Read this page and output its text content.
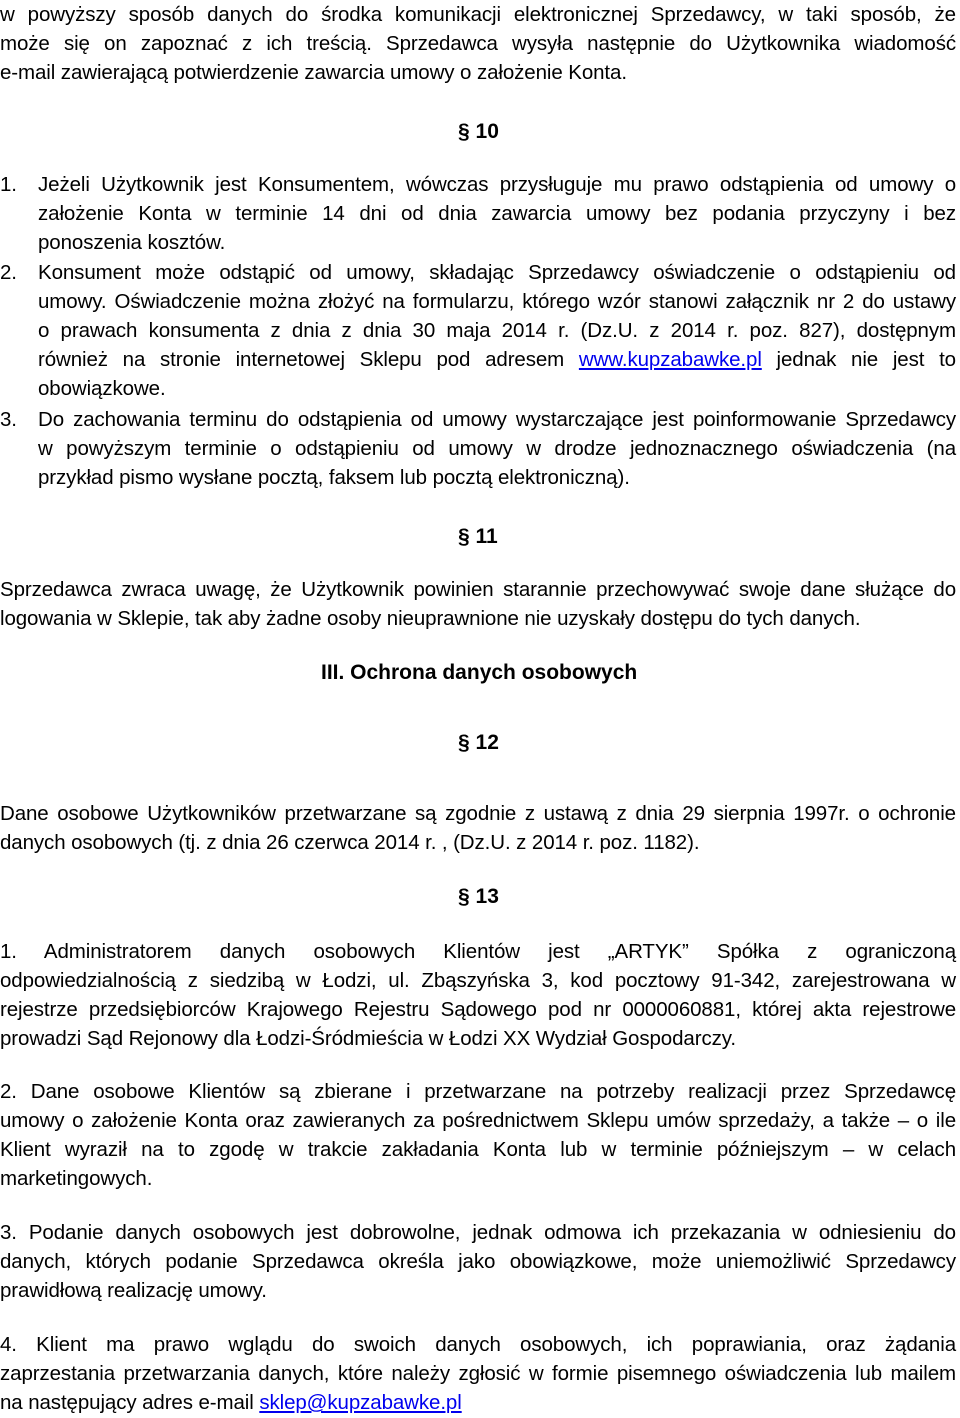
w powyższy sposób danych do środka komunikacji elektronicznej Sprzedawcy, w taki sposób, że
może się on zapoznać z ich treścią. Sprzedawca wysyła następnie do Użytkownika wiadomość
e-mail zawierającą potwierdzenie zawarcia umowy o założenie Konta.
§ 10
1. Jeżeli Użytkownik jest Konsumentem, wówczas przysługuje mu prawo odstąpienia od umowy o
założenie Konta w terminie 14 dni od dnia zawarcia umowy bez podania przyczyny i bez
ponoszenia kosztów.
2. Konsument może odstąpić od umowy, składając Sprzedawcy oświadczenie o odstąpieniu od
umowy. Oświadczenie można złożyć na formularzu, którego wzór stanowi załącznik nr 2 do ustawy
o prawach konsumenta z dnia z dnia 30 maja 2014 r. (Dz.U. z 2014 r. poz. 827), dostępnym
również na stronie internetowej Sklepu pod adresem www.kupzabawke.pl jednak nie jest to
obowiązkowe.
3. Do zachowania terminu do odstąpienia od umowy wystarczające jest poinformowanie Sprzedawcy
w powyższym terminie o odstąpieniu od umowy w drodze jednoznacznego oświadczenia (na
przykład pismo wysłane pocztą, faksem lub pocztą elektroniczną).
§ 11
Sprzedawca zwraca uwagę, że Użytkownik powinien starannie przechowywać swoje dane służące do
logowania w Sklepie, tak aby żadne osoby nieuprawnione nie uzyskały dostępu do tych danych.
III. Ochrona danych osobowych
§ 12
Dane osobowe Użytkowników przetwarzane są zgodnie z ustawą z dnia 29 sierpnia 1997r. o ochronie
danych osobowych (tj. z dnia 26 czerwca 2014 r. , (Dz.U. z 2014 r. poz. 1182).
§ 13
1. Administratorem danych osobowych Klientów jest „ARTYK” Spółka z ograniczoną
odpowiedzialnością z siedzibą w Łodzi, ul. Zbąszyńska 3, kod pocztowy 91-342, zarejestrowana w
rejestrze przedsiębiorców Krajowego Rejestru Sądowego pod nr 0000060881, której akta rejestrowe
prowadzi Sąd Rejonowy dla Łodzi-Śródmieścia w Łodzi XX Wydział Gospodarczy.
2. Dane osobowe Klientów są zbierane i przetwarzane na potrzeby realizacji przez Sprzedawcę
umowy o założenie Konta oraz zawieranych za pośrednictwem Sklepu umów sprzedaży, a także – o ile
Klient wyraził na to zgodę w trakcie zakładania Konta lub w terminie późniejszym – w celach
marketingowych.
3. Podanie danych osobowych jest dobrowolne, jednak odmowa ich przekazania w odniesieniu do
danych, których podanie Sprzedawca określa jako obowiązkowe, może uniemożliwić Sprzedawcy
prawidłową realizację umowy.
4. Klient ma prawo wglądu do swoich danych osobowych, ich poprawiania, oraz żądania
zaprzestania przetwarzania danych, które należy zgłosić w formie pisemnego oświadczenia lub mailem
na następujący adres e-mail sklep@kupzabawke.pl
